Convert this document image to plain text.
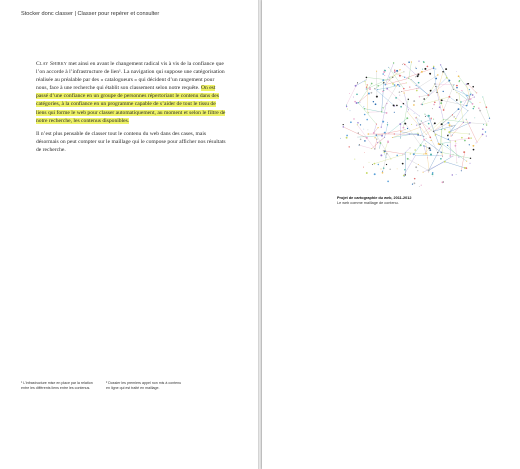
Stocker donc classer | Classer pour repérer et consulter

Clay Shirky met ainsi en avant le changement radical vis à vis de la confiance que l’on accorde à l’infrastructure de lien¹. La navigation qui suppose une catégorisation réalisée au préalable par des « catalogueurs » qui décident d’un rangement pour nous, face à une recherche qui établit son classement selon notre requête. On est passé d’une confiance en un groupe de personnes répertoriant le contenu dans des catégories, à la confiance en un programme capable de s’aider de tout le tissu de liens qui forme le web pour classer automatiquement, au moment et selon le filtre de notre recherche, les contenus disponibles.

Il n’est plus pensable de classer tout le contenu du web dans des cases, mais désormais on peut compter sur le maillage qui le compose pour afficher nos résultats de recherche.

¹ L’infrastructure mise en place par la relation entre les différents liens entre les contenus.
² Dossier les premiers appel non mis à contenu en ligne qui est traité en maillage.
Projet de cartographie du web, 2011-2012
Le web comme maillage de contenu.
